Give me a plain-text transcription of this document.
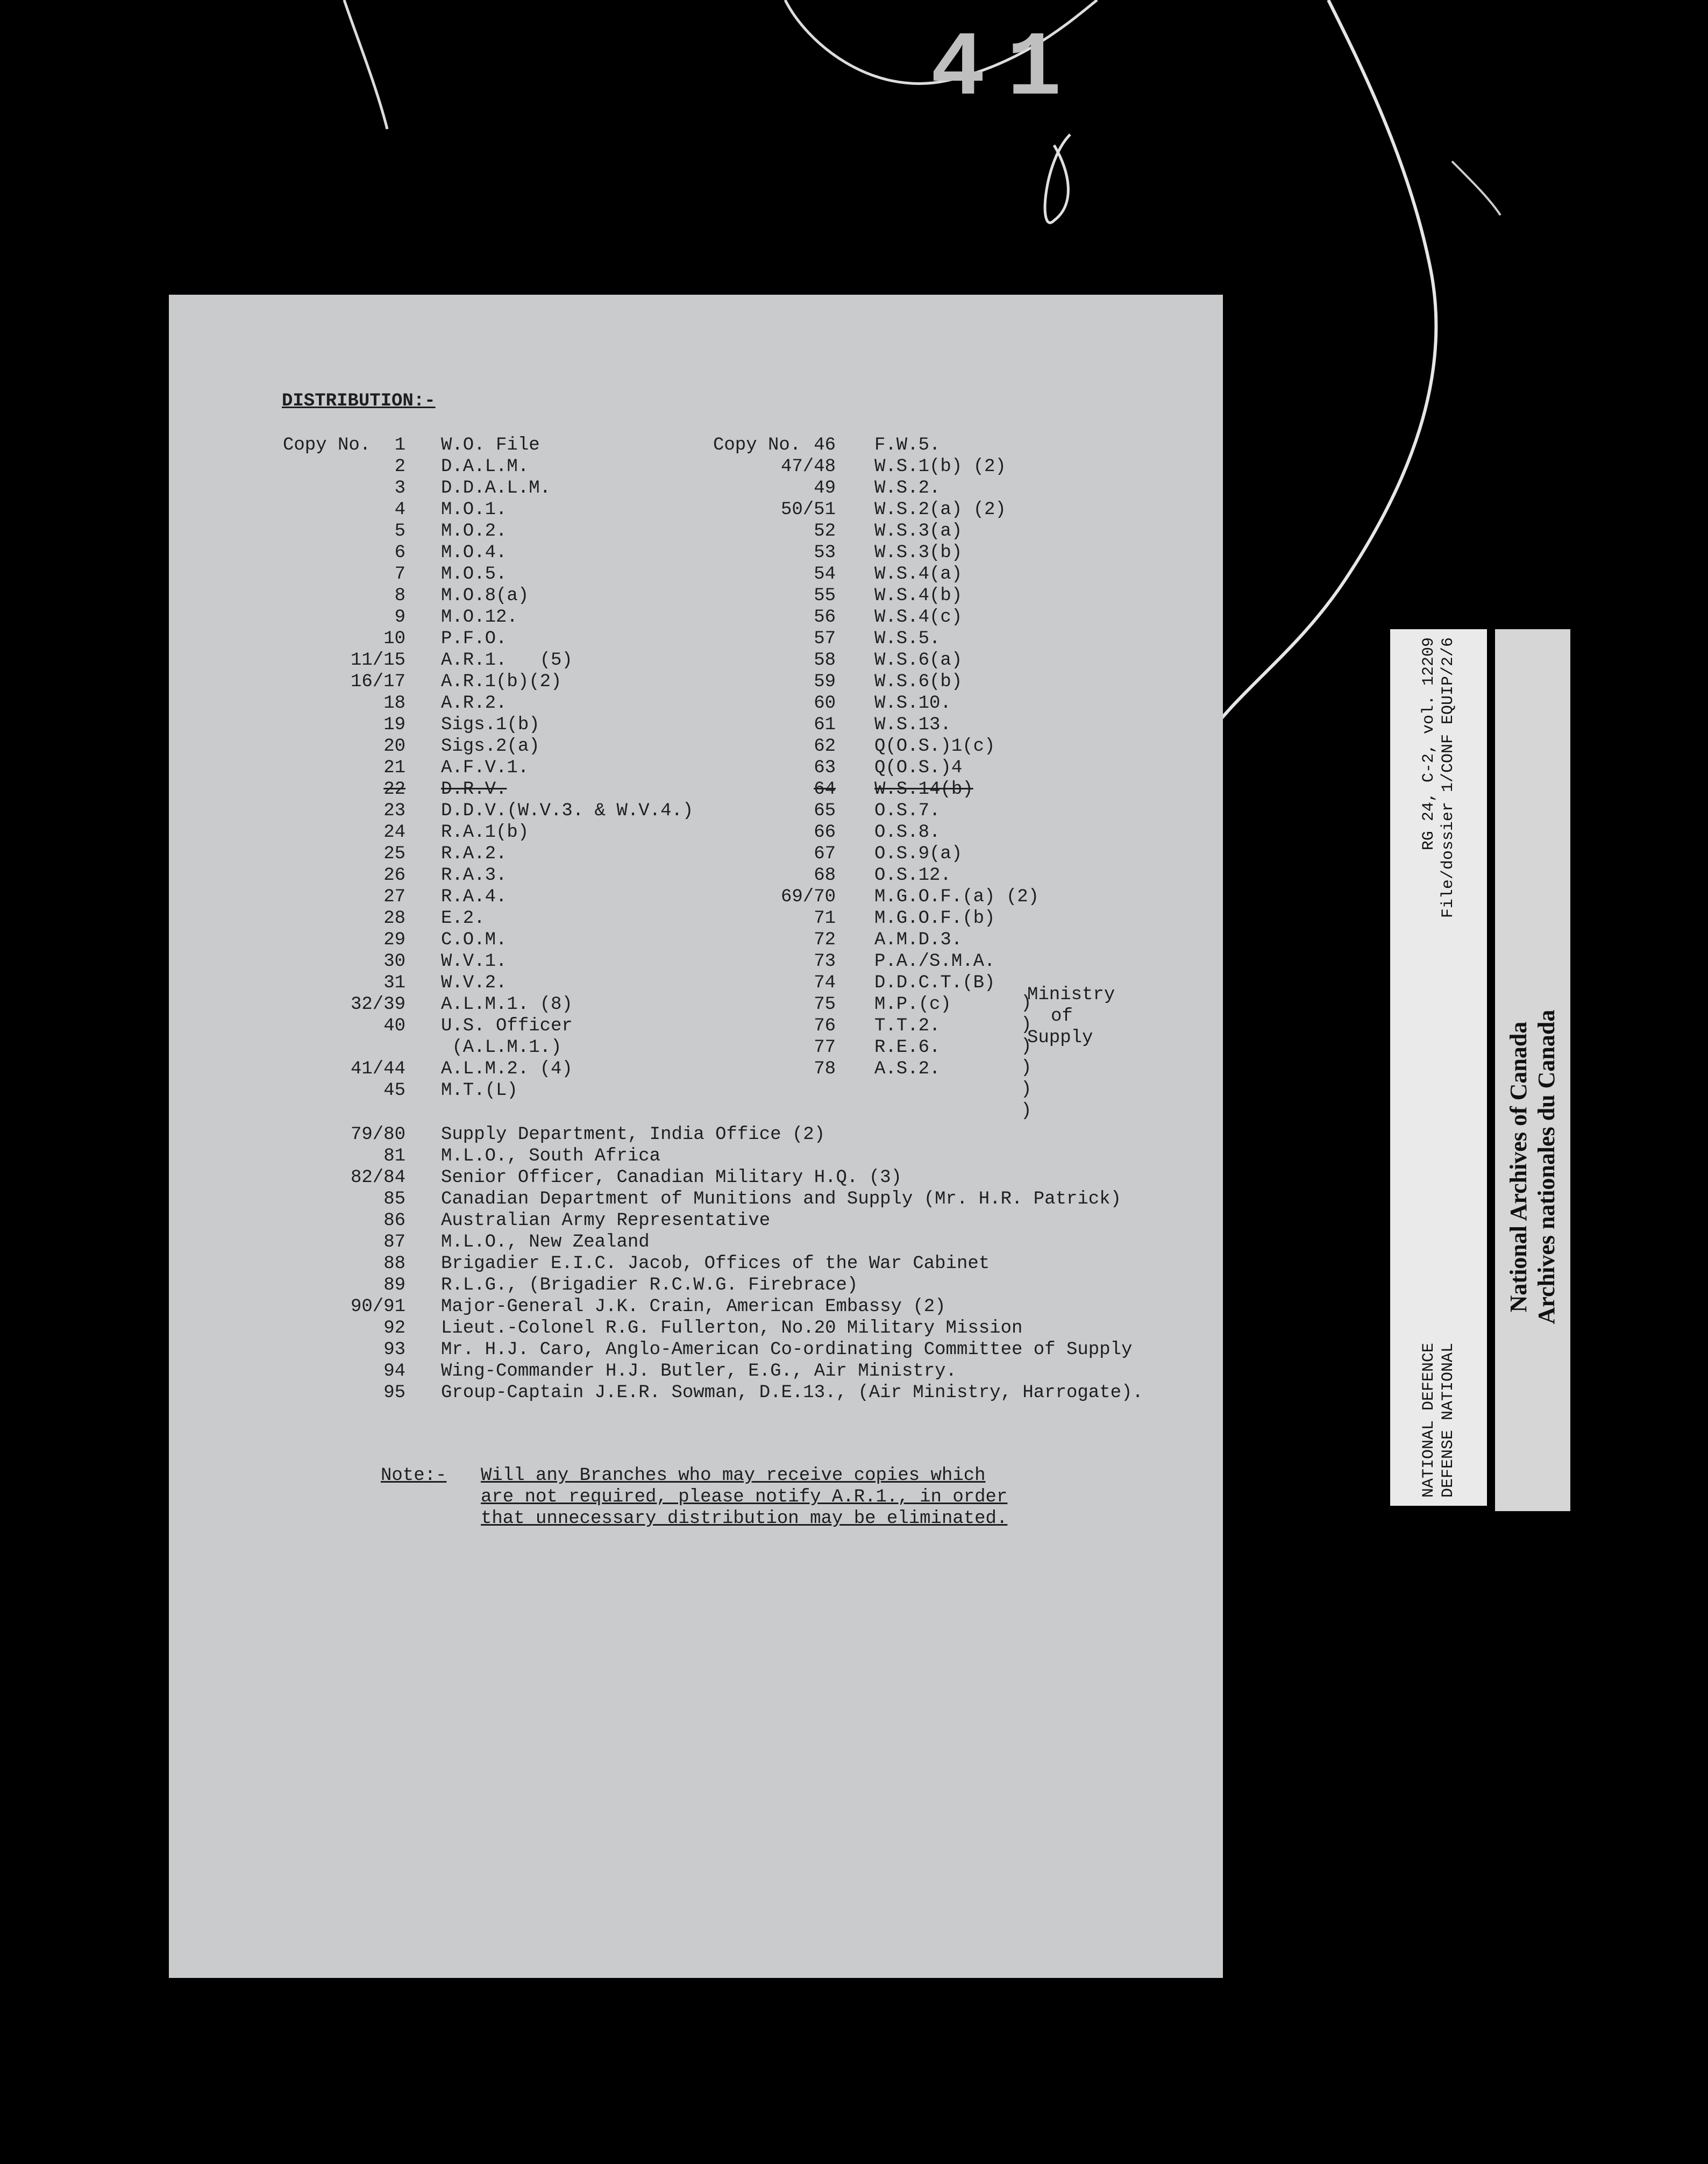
41
DISTRIBUTION:-
Copy No.	Copy No.
1 W.O. File
2 D.A.L.M.
3 D.D.A.L.M.
4 M.O.1.
5 M.O.2.
6 M.O.4.
7 M.O.5.
8 M.O.8(a)
9 M.O.12.
10 P.F.O.
11/15 A.R.1.   (5)
16/17 A.R.1(b)(2)
18 A.R.2.
19 Sigs.1(b)
20 Sigs.2(a)
21 A.F.V.1.
22 D.R.V.
23 D.D.V.(W.V.3. & W.V.4.)
24 R.A.1(b)
25 R.A.2.
26 R.A.3.
27 R.A.4.
28 E.2.
29 C.O.M.
30 W.V.1.
31 W.V.2.
32/39 A.L.M.1. (8)
40 U.S. Officer
(A.L.M.1.)
41/44 A.L.M.2. (4)
45 M.T.(L)
46 F.W.5.
47/48 W.S.1(b) (2)
49 W.S.2.
50/51 W.S.2(a) (2)
52 W.S.3(a)
53 W.S.3(b)
54 W.S.4(a)
55 W.S.4(b)
56 W.S.4(c)
57 W.S.5.
58 W.S.6(a)
59 W.S.6(b)
60 W.S.10.
61 W.S.13.
62 Q(O.S.)1(c)
63 Q(O.S.)4
64 W.S.14(b)
65 O.S.7.
66 O.S.8.
67 O.S.9(a)
68 O.S.12.
69/70 M.G.O.F.(a) (2)
71 M.G.O.F.(b)
72 A.M.D.3.
73 P.A./S.M.A.
74 D.D.C.T.(B)
75 M.P.(c)
76 T.T.2.
77 R.E.6.
78 A.S.2.
)
)
)
)
)
)
Ministry
of
Supply
79/80 Supply Department, India Office (2)
81 M.L.O., South Africa
82/84 Senior Officer, Canadian Military H.Q. (3)
85 Canadian Department of Munitions and Supply (Mr. H.R. Patrick)
86 Australian Army Representative
87 M.L.O., New Zealand
88 Brigadier E.I.C. Jacob, Offices of the War Cabinet
89 R.L.G., (Brigadier R.C.W.G. Firebrace)
90/91 Major-General J.K. Crain, American Embassy (2)
92 Lieut.-Colonel R.G. Fullerton, No.20 Military Mission
93 Mr. H.J. Caro, Anglo-American Co-ordinating Committee of Supply
94 Wing-Commander H.J. Butler, E.G., Air Ministry.
95 Group-Captain J.E.R. Sowman, D.E.13., (Air Ministry, Harrogate).
Note:- Will any Branches who may receive copies which
are not required, please notify A.R.1., in order
that unnecessary distribution may be eliminated.
NATIONAL DEFENCE
RG 24, C-2, vol. 12209
DEFENSE NATIONAL
File/dossier 1/CONF EQUIP/2/6
National Archives of Canada Archives nationales du Canada
